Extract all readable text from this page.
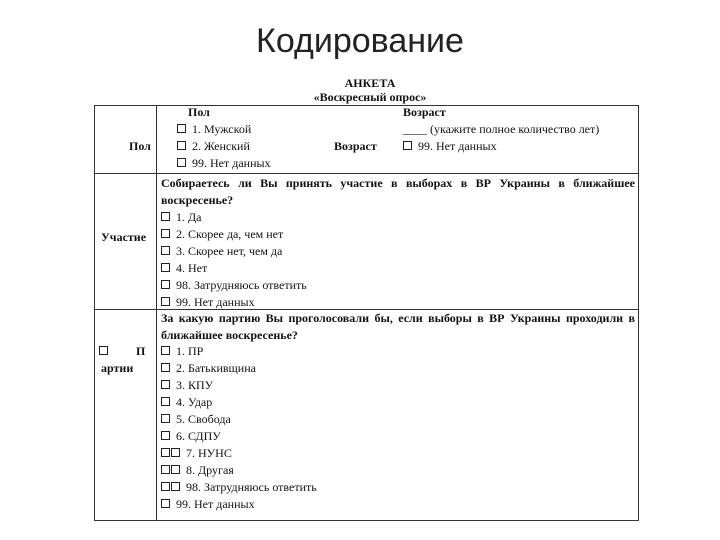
Кодирование
АНКЕТА
«Воскресный опрос»
Пол
Пол
1. Мужской
2. Женский
99. Нет данных
Возраст
Возраст
____ (укажите полное количество лет)
99. Нет данных
Участие
Собираетесь ли Вы принять участие в выборах в ВР Украины в ближайшее воскресенье?
1. Да
2. Скорее да, чем нет
3. Скорее нет, чем да
4. Нет
98. Затрудняюсь ответить
99. Нет данных
П
артии
За какую партию Вы проголосовали бы, если выборы в ВР Украины проходили в ближайшее воскресенье?
1. ПР
2. Батькивщина
3. КПУ
4. Удар
5. Свобода
6. СДПУ
7. НУНС
8. Другая
98. Затрудняюсь ответить
99. Нет данных
